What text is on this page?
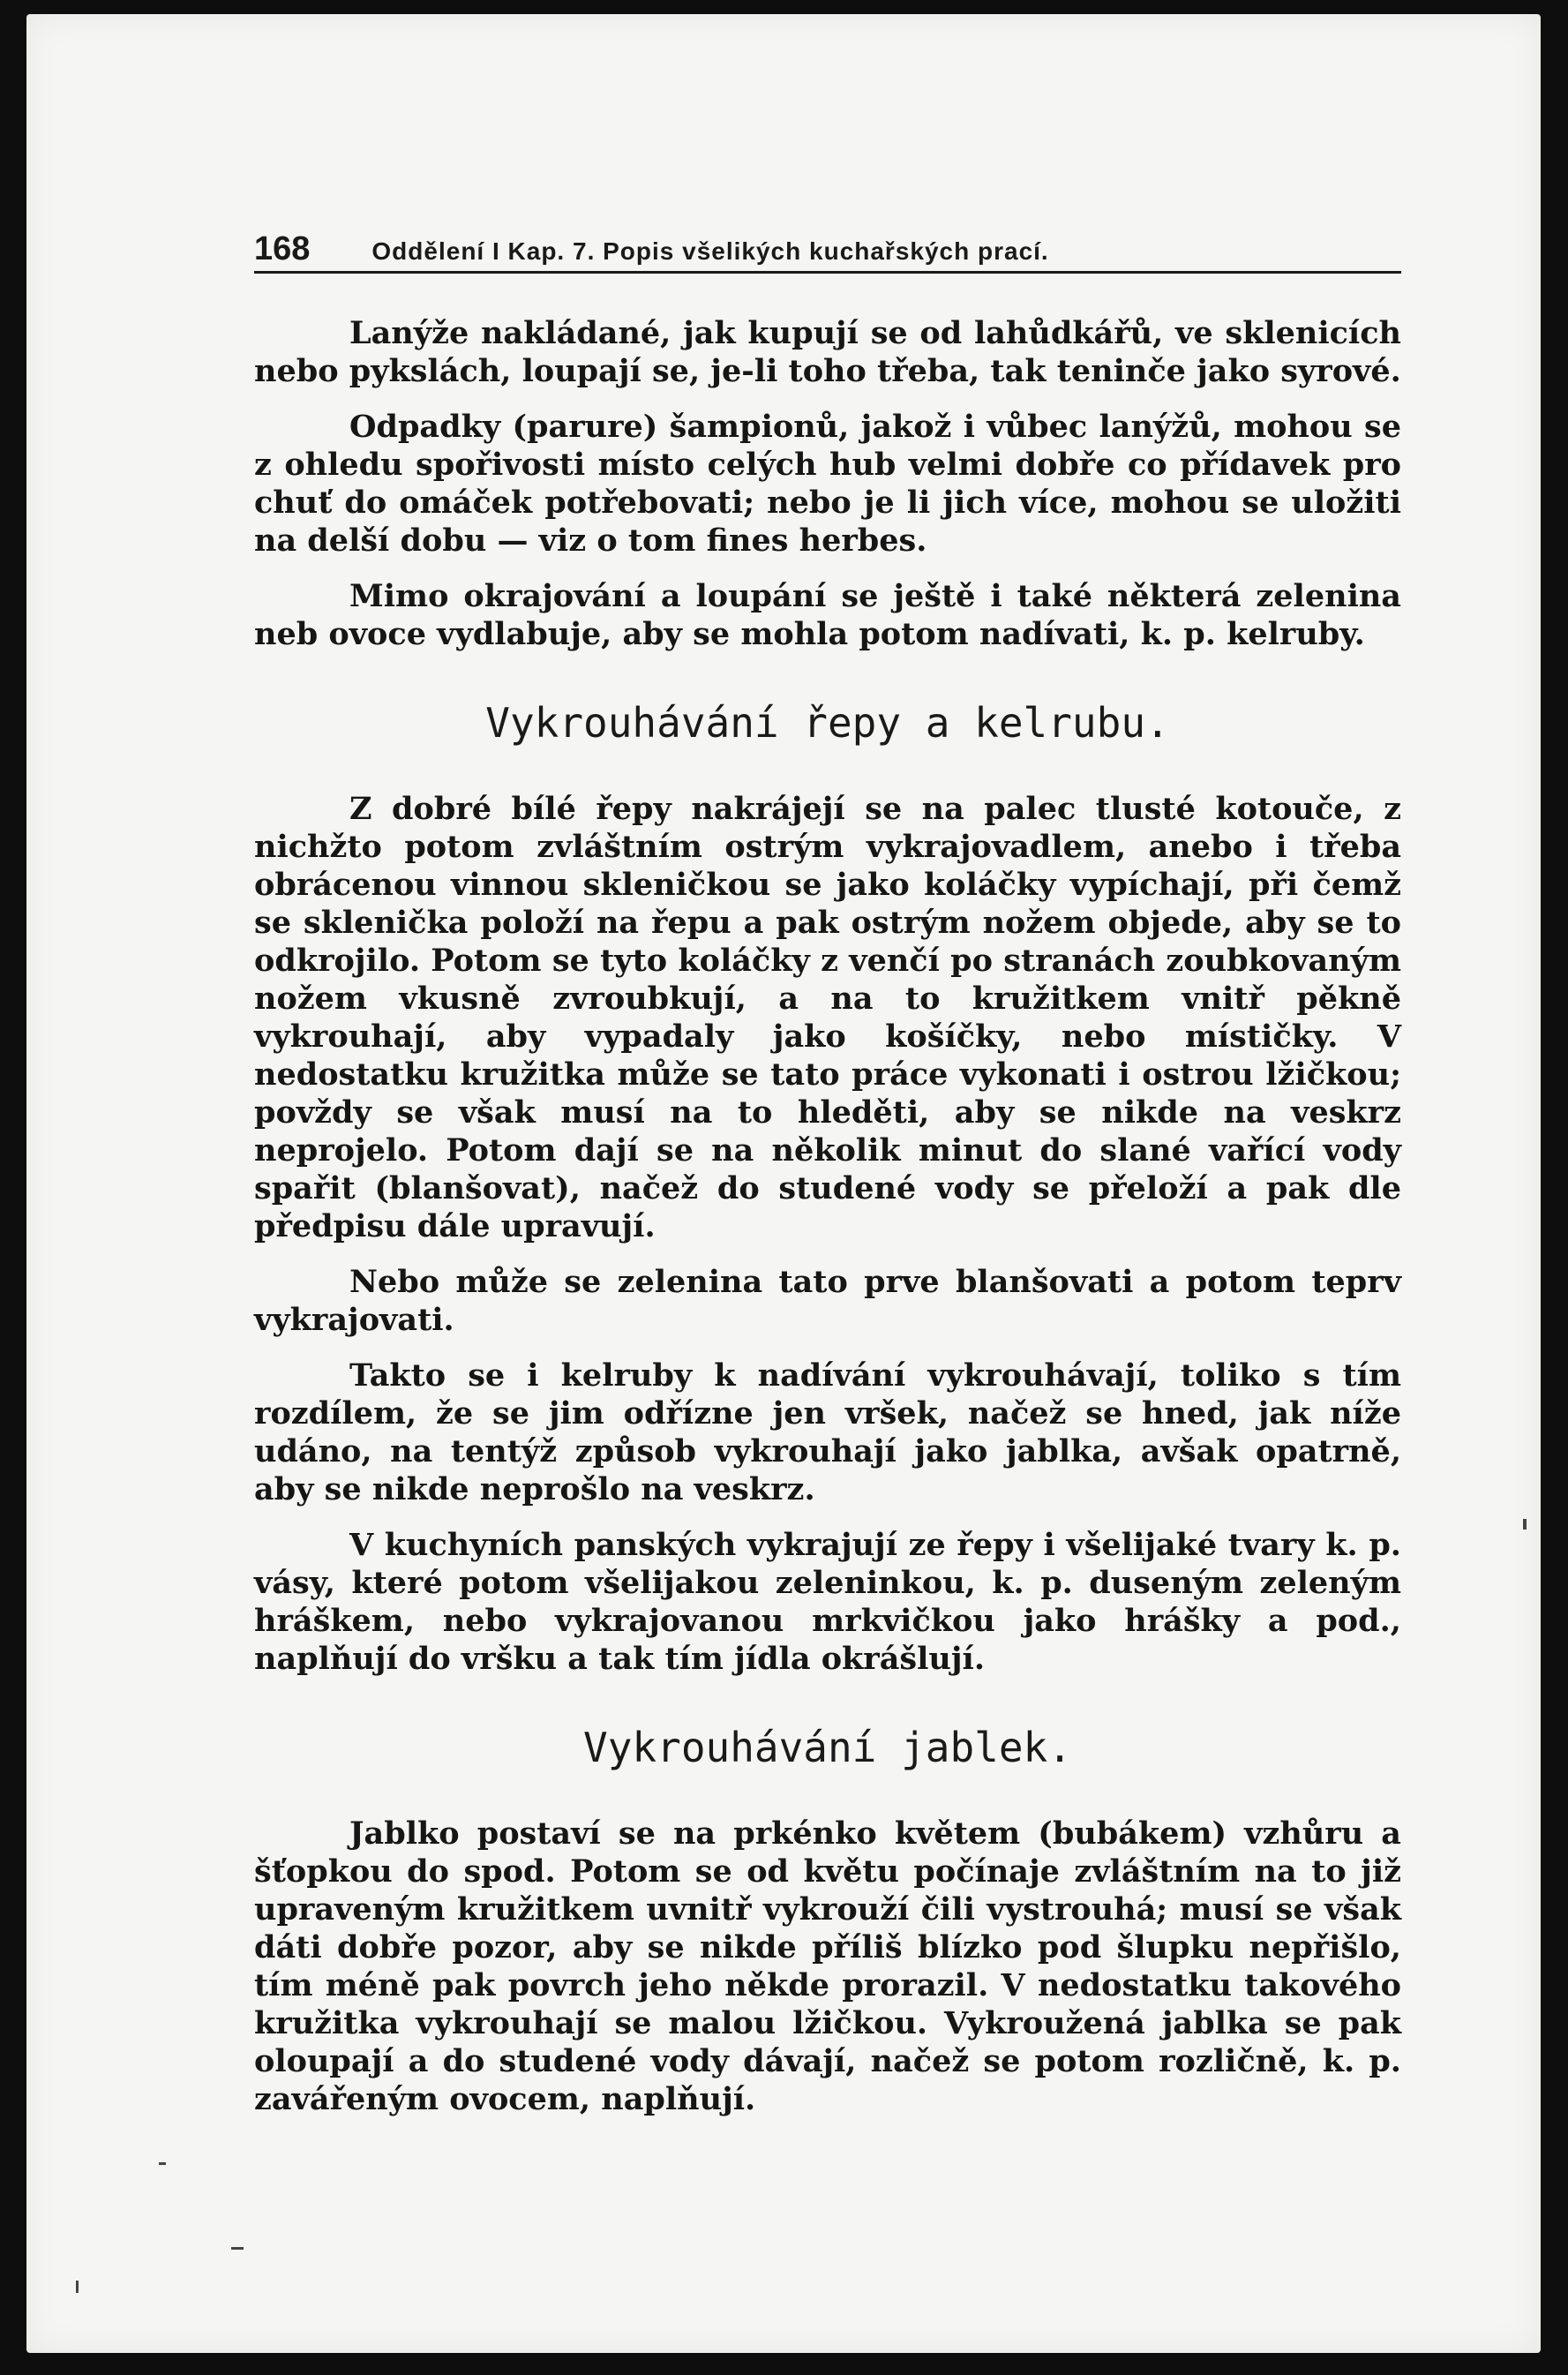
168	Oddělení I Kap. 7. Popis všelikých kuchařských prací.

Lanýže nakládané, jak kupují se od lahůdkářů, ve sklenicích nebo pykslách, loupají se, je-li toho třeba, tak teninče jako syrové.

Odpadky (parure) šampionů, jakož i vůbec lanýžů, mohou se z ohledu spořivosti místo celých hub velmi dobře co přídavek pro chuť do omáček potřebovati; nebo je li jich více, mohou se uložiti na delší dobu — viz o tom fines herbes.

Mimo okrajování a loupání se ještě i také některá zelenina neb ovoce vydlabuje, aby se mohla potom nadívati, k. p. kelruby.

Vykrouhávání řepy a kelrubu.

Z dobré bílé řepy nakrájejí se na palec tlusté kotouče, z nichžto potom zvláštním ostrým vykrajovadlem, anebo i třeba obrácenou vinnou skleničkou se jako koláčky vypíchají, při čemž se sklenička položí na řepu a pak ostrým nožem objede, aby se to odkrojilo. Potom se tyto koláčky z venčí po stranách zoubkovaným nožem vkusně zvroubkují, a na to kružitkem vnitř pěkně vykrouhají, aby vypadaly jako košíčky, nebo místičky. V nedostatku kružitka může se tato práce vykonati i ostrou lžičkou; povždy se však musí na to hleděti, aby se nikde na veskrz neprojelo. Potom dají se na několik minut do slané vařící vody spařit (blanšovat), načež do studené vody se přeloží a pak dle předpisu dále upravují.

Nebo může se zelenina tato prve blanšovati a potom teprv vykrajovati.

Takto se i kelruby k nadívání vykrouhávají, toliko s tím rozdílem, že se jim odřízne jen vršek, načež se hned, jak níže udáno, na tentýž způsob vykrouhají jako jablka, avšak opatrně, aby se nikde neprošlo na veskrz.

V kuchyních panských vykrajují ze řepy i všelijaké tvary k. p. vásy, které potom všelijakou zeleninkou, k. p. duseným zeleným hráškem, nebo vykrajovanou mrkvičkou jako hrášky a pod., naplňují do vršku a tak tím jídla okrášlují.

Vykrouhávání jablek.

Jablko postaví se na prkénko květem (bubákem) vzhůru a šťopkou do spod. Potom se od květu počínaje zvláštním na to již upraveným kružitkem uvnitř vykrouží čili vystrouhá; musí se však dáti dobře pozor, aby se nikde příliš blízko pod šlupku nepřišlo, tím méně pak povrch jeho někde prorazil. V nedostatku takového kružitka vykrouhají se malou lžičkou. Vykroužená jablka se pak oloupají a do studené vody dávají, načež se potom rozličně, k. p. zavářeným ovocem, naplňují.
